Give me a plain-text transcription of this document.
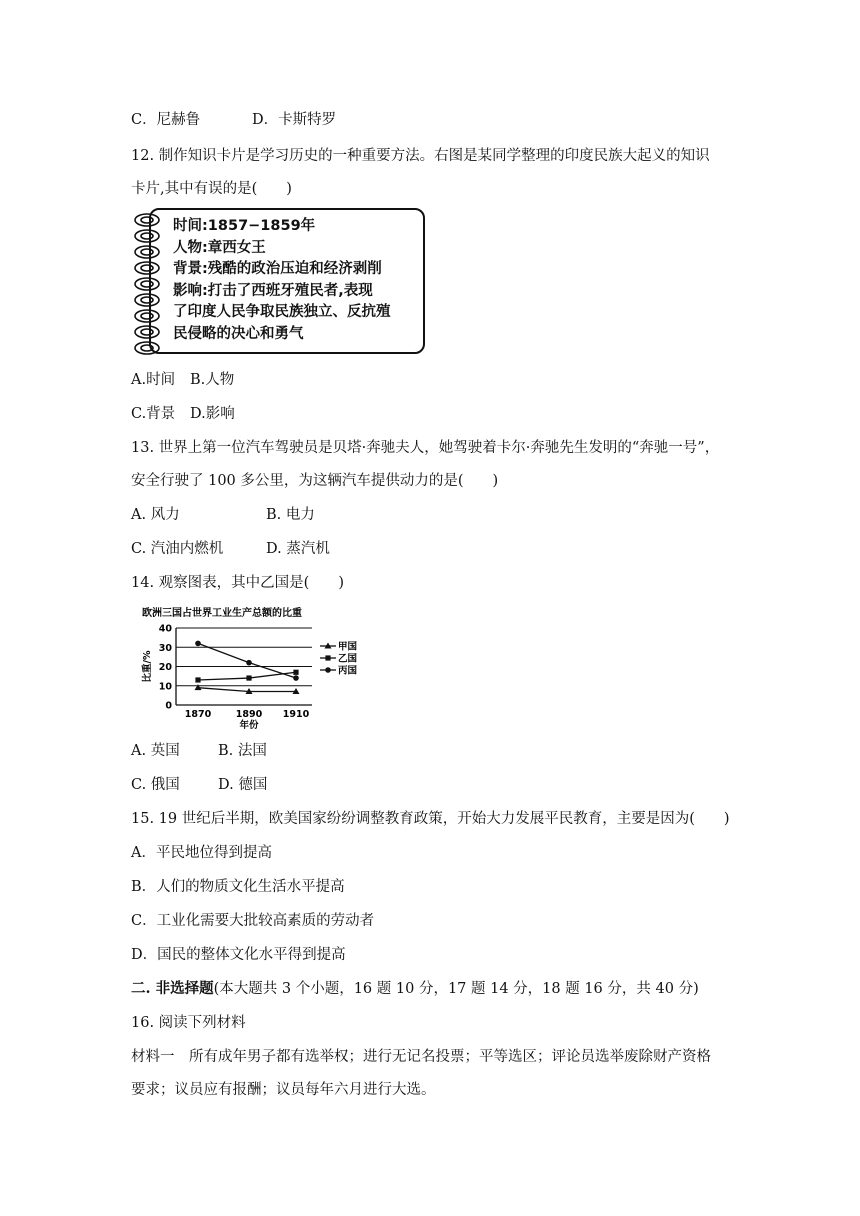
C．尼赫鲁	D．卡斯特罗
12. 制作知识卡片是学习历史的一种重要方法。右图是某同学整理的印度民族大起义的知识
卡片,其中有误的是(　　)
时间:1857−1859年
人物:章西女王
背景:残酷的政治压迫和经济剥削
影响:打击了西班牙殖民者,表现
了印度人民争取民族独立、反抗殖
民侵略的决心和勇气
A.时间 B.人物
C.背景 D.影响
13. 世界上第一位汽车驾驶员是贝塔·奔驰夫人，她驾驶着卡尔·奔驰先生发明的“奔驰一号”，
安全行驶了 100 多公里，为这辆汽车提供动力的是(　　)
A. 风力	B. 电力
C. 汽油内燃机	D. 蒸汽机
14. 观察图表，其中乙国是(　　)
欧洲三国占世界工业生产总额的比重
0
10
20
30
40
1870	1890 1910
甲国
乙国
丙国
比重/%
年份
A. 英国	B. 法国
C. 俄国	D. 德国
15. 19 世纪后半期，欧美国家纷纷调整教育政策，开始大力发展平民教育，主要是因为(　　)
A．平民地位得到提高
B．人们的物质文化生活水平提高
C．工业化需要大批较高素质的劳动者
D．国民的整体文化水平得到提高
二. 非选择题(本大题共 3 个小题，16 题 10 分，17 题 14 分，18 题 16 分，共 40 分)
16. 阅读下列材料
材料一　所有成年男子都有选举权；进行无记名投票；平等选区；评论员选举废除财产资格
要求；议员应有报酬；议员每年六月进行大选。
